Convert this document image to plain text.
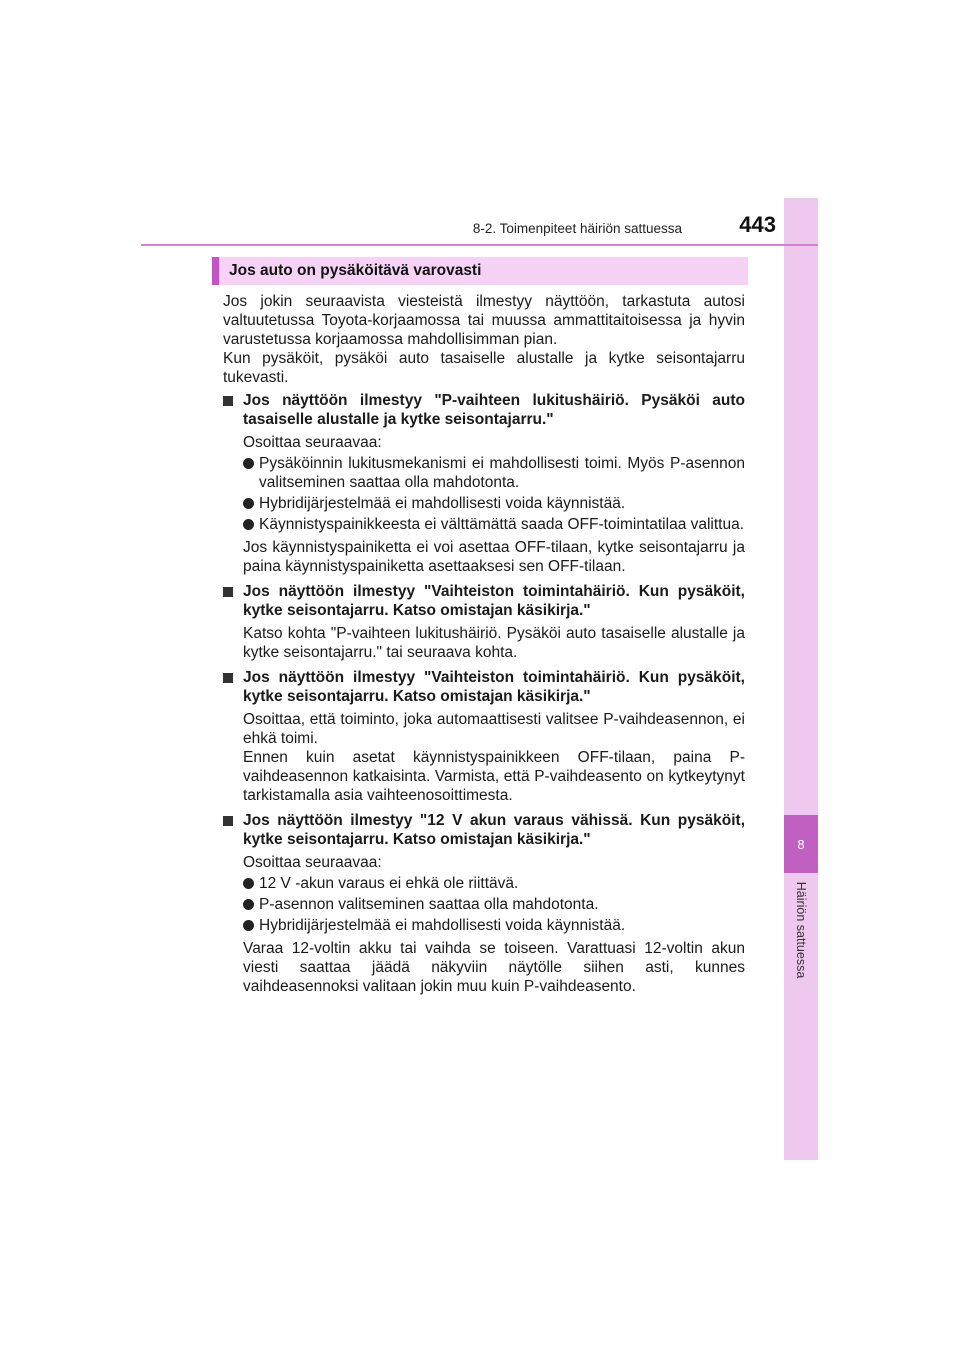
8
Häiriön sattuessa
8-2. Toimenpiteet häiriön sattuessa	443
Jos auto on pysäköitävä varovasti

Jos jokin seuraavista viesteistä ilmestyy näyttöön, tarkastuta autosi valtuutetussa Toyota-korjaamossa tai muussa ammattitaitoisessa ja hyvin varustetussa korjaamossa mahdollisimman pian.
Kun pysäköit, pysäköi auto tasaiselle alustalle ja kytke seisontajarru tukevasti.

Jos näyttöön ilmestyy "P-vaihteen lukitushäiriö. Pysäköi auto tasaiselle alustalle ja kytke seisontajarru."

Osoittaa seuraavaa:

Pysäköinnin lukitusmekanismi ei mahdollisesti toimi. Myös P-asennon valitseminen saattaa olla mahdotonta.
Hybridijärjestelmää ei mahdollisesti voida käynnistää.
Käynnistyspainikkeesta ei välttämättä saada OFF-toimintatilaa valittua.

Jos käynnistyspainiketta ei voi asettaa OFF-tilaan, kytke seisontajarru ja paina käynnistyspainiketta asettaaksesi sen OFF-tilaan.

Jos näyttöön ilmestyy "Vaihteiston toimintahäiriö. Kun pysäköit, kytke seisontajarru. Katso omistajan käsikirja."

Katso kohta "P-vaihteen lukitushäiriö. Pysäköi auto tasaiselle alustalle ja kytke seisontajarru." tai seuraava kohta.

Jos näyttöön ilmestyy "Vaihteiston toimintahäiriö. Kun pysäköit, kytke seisontajarru. Katso omistajan käsikirja."

Osoittaa, että toiminto, joka automaattisesti valitsee P-vaihdeasennon, ei ehkä toimi.
Ennen kuin asetat käynnistyspainikkeen OFF-tilaan, paina P-vaihdeasennon katkaisinta. Varmista, että P-vaihdeasento on kytkeytynyt tarkistamalla asia vaihteenosoittimesta.

Jos näyttöön ilmestyy "12 V akun varaus vähissä. Kun pysäköit, kytke seisontajarru. Katso omistajan käsikirja."

Osoittaa seuraavaa:

12 V -akun varaus ei ehkä ole riittävä.
P-asennon valitseminen saattaa olla mahdotonta.
Hybridijärjestelmää ei mahdollisesti voida käynnistää.

Varaa 12-voltin akku tai vaihda se toiseen. Varattuasi 12-voltin akun viesti saattaa jäädä näkyviin näytölle siihen asti, kunnes vaihdeasennoksi valitaan jokin muu kuin P-vaihdeasento.
